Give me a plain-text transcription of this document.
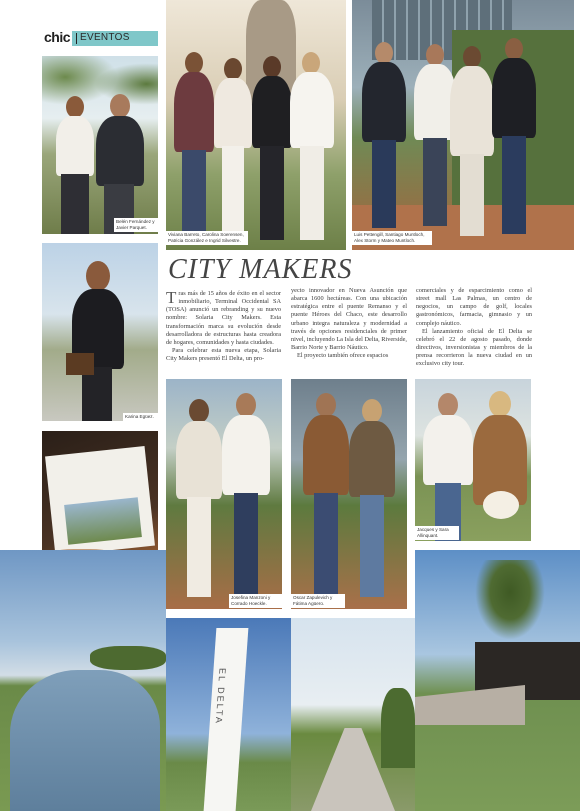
chic EVENTOS
Belén Fernández y Javier Parquet.
Viviana Barreto, Carolina Soerensen, Patricia González e Ingrid Silvestre.
Luis Pettengill, Santiago Muntloch, Alex Storm y Mateo Muntloch.
CITY MAKERS
Karina Egüez.

Tras más de 15 años de éxito en el sector inmobiliario, Terminal Occidental SA (TOSA) anunció un rebranding y su nuevo nombre: Solaria City Makers. Esta transformación marca su evolución desde desarrolladora de estructuras hasta creadora de hogares, comunidades y hasta ciudades.

Para celebrar esta nueva etapa, Solaria City Makers presentó El Delta, un pro-

yecto innovador en Nueva Asunción que abarca 1600 hectáreas. Con una ubicación estratégica entre el puente Remanso y el puente Héroes del Chaco, este desarrollo urbano integra naturaleza y modernidad a través de opciones residenciales de primer nivel, incluyendo La Isla del Delta, Riverside, Barrio Norte y Barrio Náutico.

El proyecto también ofrece espacios

comerciales y de esparcimiento como el street mall Las Palmas, un centro de negocios, un campo de golf, locales gastronómicos, farmacia, gimnasio y un complejo náutico.

El lanzamiento oficial de El Delta se celebró el 22 de agosto pasado, donde directivos, inversionistas y miembros de la prensa recorrieron la nueva ciudad en un exclusivo city tour.

Josefina Manzoni y Corrado Hoeckle.
Oscar Zapulevich y Fátima Agüero.
Jacques y Sara Allinquant.
EL DELTA
